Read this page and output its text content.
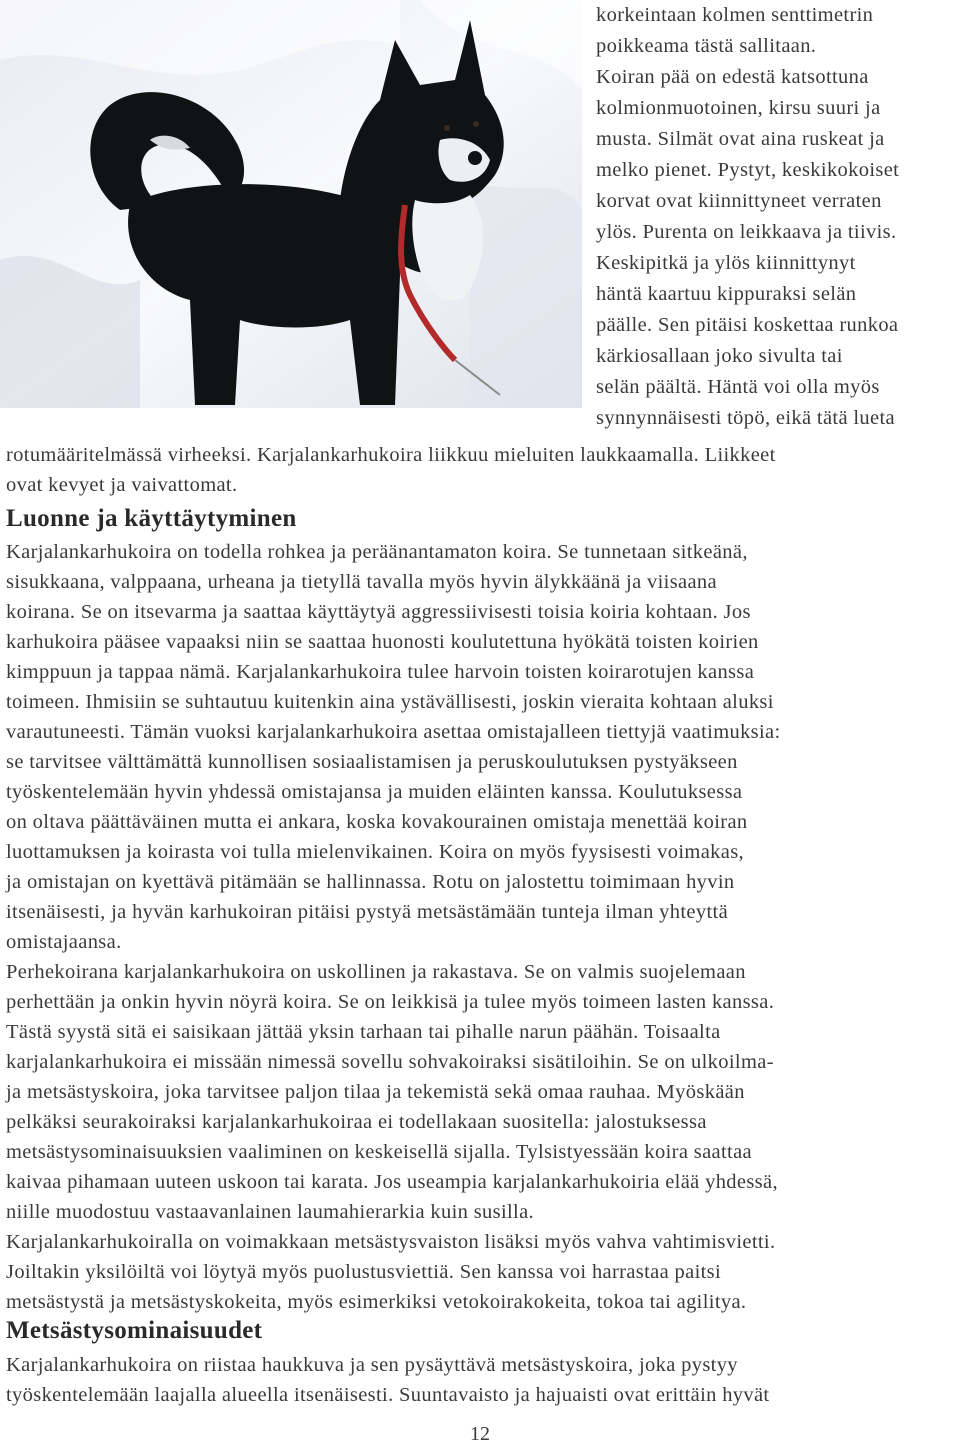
korkeintaan kolmen senttimetrin
poikkeama tästä sallitaan.
Koiran pää on edestä katsottuna
kolmionmuotoinen, kirsu suuri ja
musta. Silmät ovat aina ruskeat ja
melko pienet. Pystyt, keskikokoiset
korvat ovat kiinnittyneet verraten
ylös. Purenta on leikkaava ja tiivis.
Keskipitkä ja ylös kiinnittynyt
häntä kaartuu kippuraksi selän
päälle. Sen pitäisi koskettaa runkoa
kärkiosallaan joko sivulta tai
selän päältä. Häntä voi olla myös
synnynnäisesti töpö, eikä tätä lueta
rotumääritelmässä virheeksi. Karjalankarhukoira liikkuu mieluiten laukkaamalla. Liikkeet
ovat kevyet ja vaivattomat.
Luonne ja käyttäytyminen
Karjalankarhukoira on todella rohkea ja peräänantamaton koira. Se tunnetaan sitkeänä,
sisukkaana, valppaana, urheana ja tietyllä tavalla myös hyvin älykkäänä ja viisaana
koirana. Se on itsevarma ja saattaa käyttäytyä aggressiivisesti toisia koiria kohtaan. Jos
karhukoira pääsee vapaaksi niin se saattaa huonosti koulutettuna hyökätä toisten koirien
kimppuun ja tappaa nämä. Karjalankarhukoira tulee harvoin toisten koirarotujen kanssa
toimeen. Ihmisiin se suhtautuu kuitenkin aina ystävällisesti, joskin vieraita kohtaan aluksi
varautuneesti. Tämän vuoksi karjalankarhukoira asettaa omistajalleen tiettyjä vaatimuksia:
se tarvitsee välttämättä kunnollisen sosiaalistamisen ja peruskoulutuksen pystyäkseen
työskentelemään hyvin yhdessä omistajansa ja muiden eläinten kanssa. Koulutuksessa
on oltava päättäväinen mutta ei ankara, koska kovakourainen omistaja menettää koiran
luottamuksen ja koirasta voi tulla mielenvikainen. Koira on myös fyysisesti voimakas,
ja omistajan on kyettävä pitämään se hallinnassa. Rotu on jalostettu toimimaan hyvin
itsenäisesti, ja hyvän karhukoiran pitäisi pystyä metsästämään tunteja ilman yhteyttä
omistajaansa.
Perhekoirana karjalankarhukoira on uskollinen ja rakastava. Se on valmis suojelemaan
perhettään ja onkin hyvin nöyrä koira. Se on leikkisä ja tulee myös toimeen lasten kanssa.
Tästä syystä sitä ei saisikaan jättää yksin tarhaan tai pihalle narun päähän. Toisaalta
karjalankarhukoira ei missään nimessä sovellu sohvakoiraksi sisätiloihin. Se on ulkoilma-
ja metsästyskoira, joka tarvitsee paljon tilaa ja tekemistä sekä omaa rauhaa. Myöskään
pelkäksi seurakoiraksi karjalankarhukoiraa ei todellakaan suositella: jalostuksessa
metsästysominaisuuksien vaaliminen on keskeisellä sijalla. Tylsistyessään koira saattaa
kaivaa pihamaan uuteen uskoon tai karata. Jos useampia karjalankarhukoiria elää yhdessä,
niille muodostuu vastaavanlainen laumahierarkia kuin susilla.
Karjalankarhukoiralla on voimakkaan metsästysvaiston lisäksi myös vahva vahtimisvietti.
Joiltakin yksilöiltä voi löytyä myös puolustusviettiä. Sen kanssa voi harrastaa paitsi
metsästystä ja metsästyskokeita, myös esimerkiksi vetokoirakokeita, tokoa tai agilitya.
Metsästysominaisuudet
Karjalankarhukoira on riistaa haukkuva ja sen pysäyttävä metsästyskoira, joka pystyy
työskentelemään laajalla alueella itsenäisesti. Suuntavaisto ja hajuaisti ovat erittäin hyvät
12
